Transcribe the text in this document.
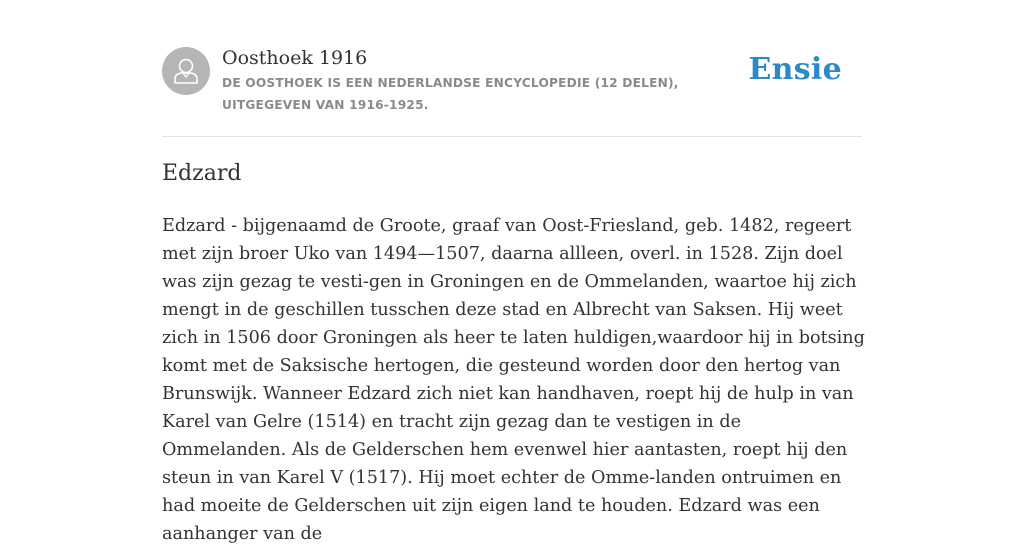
Oosthoek 1916
DE OOSTHOEK IS EEN NEDERLANDSE ENCYCLOPEDIE (12 DELEN), UITGEGEVEN VAN 1916-1925.
Ensie
Edzard

Edzard - bijgenaamd de Groote, graaf van Oost-Friesland, geb. 1482, regeert met zijn broer Uko van 1494—1507, daarna allleen, overl. in 1528. Zijn doel was zijn gezag te vesti-gen in Groningen en de Ommelanden, waartoe hij zich mengt in de geschillen tusschen deze stad en Albrecht van Saksen. Hij weet zich in 1506 door Groningen als heer te laten huldigen,waardoor hij in botsing komt met de Saksische hertogen, die gesteund worden door den hertog van Brunswijk. Wanneer Edzard zich niet kan handhaven, roept hij de hulp in van Karel van Gelre (1514) en tracht zijn gezag dan te vestigen in de Ommelanden. Als de Gelderschen hem evenwel hier aantasten, roept hij den steun in van Karel V (1517). Hij moet echter de Omme-landen ontruimen en had moeite de Gelderschen uit zijn eigen land te houden. Edzard was een aanhanger van de
